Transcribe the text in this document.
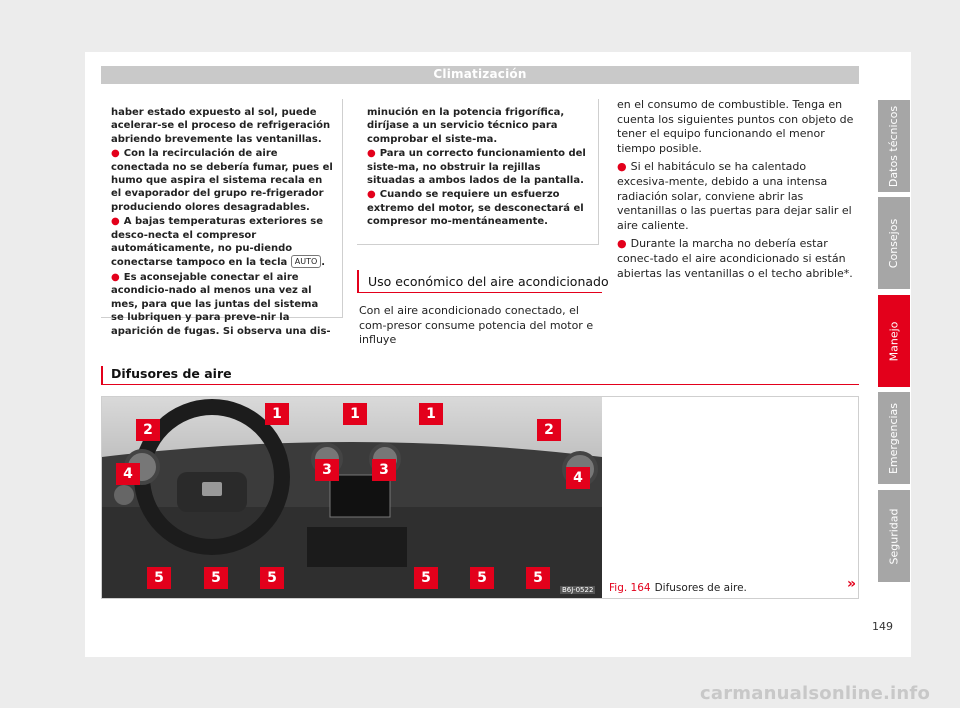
Climatización

haber estado expuesto al sol, puede acelerar-se el proceso de refrigeración abriendo brevemente las ventanillas.

● Con la recirculación de aire conectada no se debería fumar, pues el humo que aspira el sistema recala en el evaporador del grupo re-frigerador produciendo olores desagradables.

● A bajas temperaturas exteriores se desco-necta el compresor automáticamente, no pu-diendo conectarse tampoco en la tecla AUTO .

● Es aconsejable conectar el aire acondicio-nado al menos una vez al mes, para que las juntas del sistema se lubriquen y para preve-nir la aparición de fugas. Si observa una dis-

minución en la potencia frigorífica, diríjase a un servicio técnico para comprobar el siste-ma.

● Para un correcto funcionamiento del siste-ma, no obstruir la rejillas situadas a ambos lados de la pantalla.

● Cuando se requiere un esfuerzo extremo del motor, se desconectará el compresor mo-mentáneamente.

Uso económico del aire acondicionado

Con el aire acondicionado conectado, el com-presor consume potencia del motor e influye

en el consumo de combustible. Tenga en cuenta los siguientes puntos con objeto de tener el equipo funcionando el menor tiempo posible.

● Si el habitáculo se ha calentado excesiva-mente, debido a una intensa radiación solar, conviene abrir las ventanillas o las puertas para dejar salir el aire caliente.

● Durante la marcha no debería estar conec-tado el aire acondicionado si están abiertas las ventanillas o el techo abrible*.

Difusores de aire
1	1	1
2	2
3	3
4	4
5	5	5	5	5	5
B6J-0522 Fig. 164 Difusores de aire.	»
Datos técnicos
Consejos
Manejo
Emergencias
Seguridad
149
carmanualsonline.info
